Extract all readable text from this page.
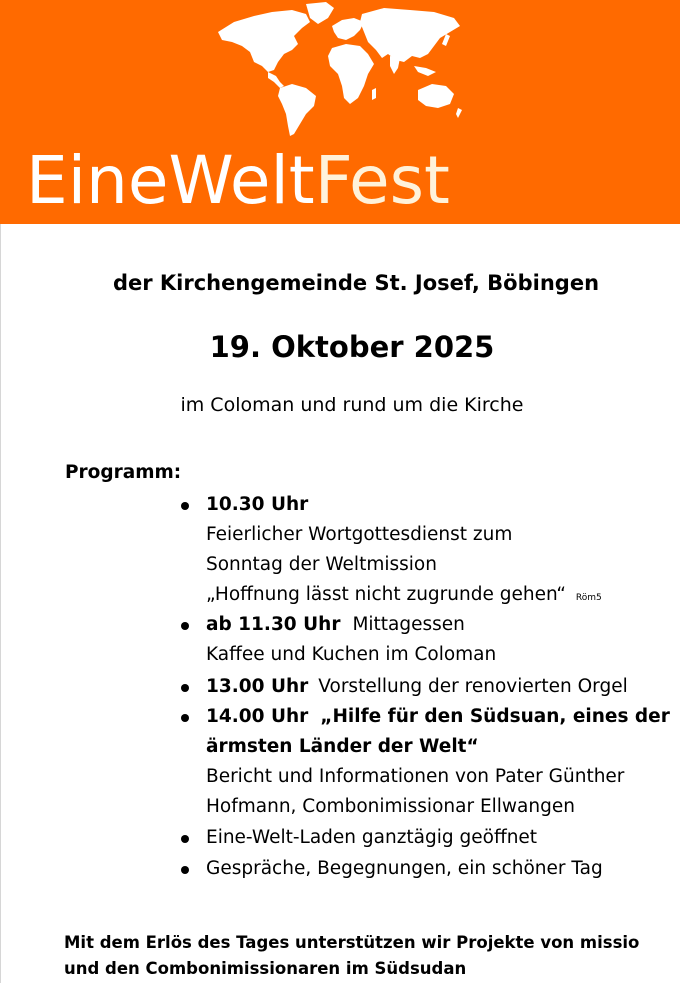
EineWeltFest
der Kirchengemeinde St. Josef, Böbingen
19. Oktober 2025
im Coloman und rund um die Kirche
Programm:
10.30 Uhr
Feierlicher Wortgottesdienst zum
Sonntag der Weltmission
„Hoffnung lässt nicht zugrunde gehen“ Röm5
ab 11.30 Uhr Mittagessen
Kaffee und Kuchen im Coloman
13.00 Uhr Vorstellung der renovierten Orgel
14.00 Uhr „Hilfe für den Südsuan, eines der
ärmsten Länder der Welt“
Bericht und Informationen von Pater Günther
Hofmann, Combonimissionar Ellwangen
Eine-Welt-Laden ganztägig geöffnet
Gespräche, Begegnungen, ein schöner Tag
Mit dem Erlös des Tages unterstützen wir Projekte von missio
und den Combonimissionaren im Südsudan
